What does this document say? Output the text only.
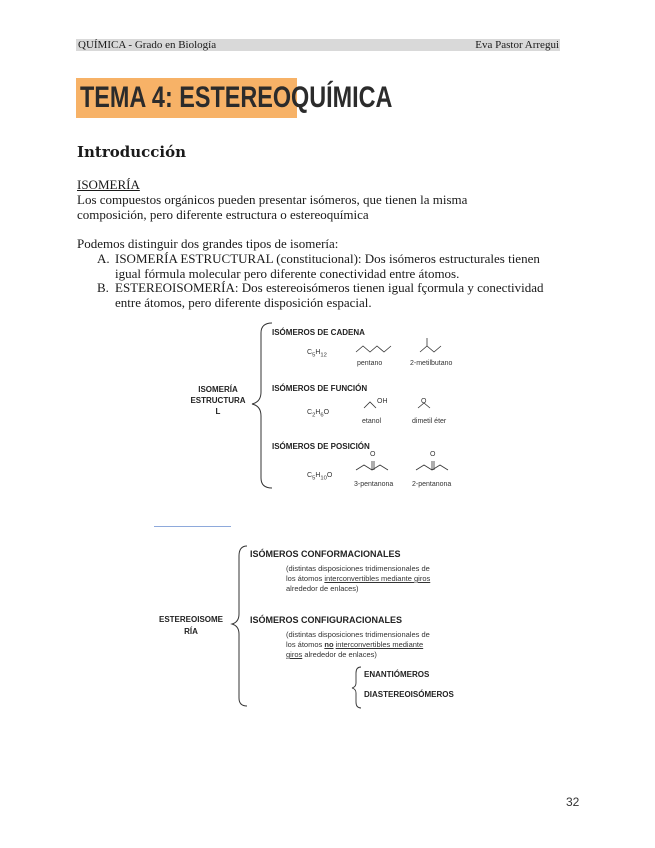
QUÍMICA - Grado en Biología	Eva Pastor Arregui
TEMA 4: ESTEREOQUÍMICA
Introducción
ISOMERÍA
Los compuestos orgánicos pueden presentar isómeros, que tienen la misma
composición, pero diferente estructura o estereoquímica
Podemos distinguir dos grandes tipos de isomería:
A. ISOMERÍA ESTRUCTURAL (constitucional): Dos isómeros estructurales tienen
igual fórmula molecular pero diferente conectividad entre átomos.
B. ESTEREOISOMERÍA: Dos estereoisómeros tienen igual fçormula y conectividad
entre átomos, pero diferente disposición espacial.
ISOMERÍA
ESTRUCTURA
L
ISÓMEROS DE CADENA
$C_5H_{12}$
pentano	2-metilbutano
ISÓMEROS DE FUNCIÓN
$C_2H_6O$
OH	O
etanol	dimetil éter
ISÓMEROS DE POSICIÓN
$C_5H_{10}O$
O	O
3-pentanona	2-pentanona
ESTEREOISOME
RÍA
ISÓMEROS CONFORMACIONALES
(distintas disposiciones tridimensionales de
los átomos interconvertibles mediante giros
alrededor de enlaces)
ISÓMEROS CONFIGURACIONALES
(distintas disposiciones tridimensionales de
los átomos no interconvertibles mediante
giros alrededor de enlaces)
ENANTIÓMEROS
DIASTEREOISÓMEROS
32
